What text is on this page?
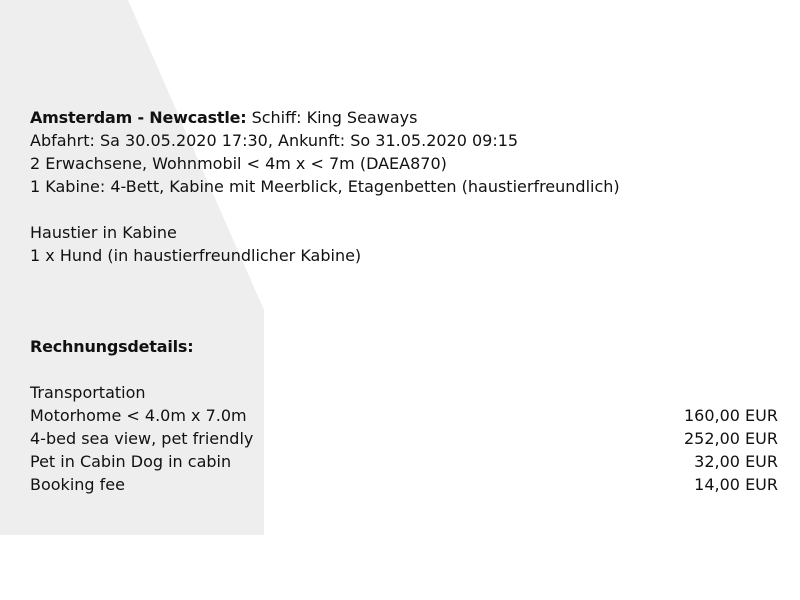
Amsterdam - Newcastle: Schiff: King Seaways
Abfahrt: Sa 30.05.2020 17:30, Ankunft: So 31.05.2020 09:15
2 Erwachsene, Wohnmobil < 4m x < 7m (DAEA870)
1 Kabine: 4-Bett, Kabine mit Meerblick, Etagenbetten (haustierfreundlich)
Haustier in Kabine
1 x Hund (in haustierfreundlicher Kabine)
Rechnungsdetails:
Transportation
Motorhome < 4.0m x 7.0m	160,00 EUR
4-bed sea view, pet friendly	252,00 EUR
Pet in Cabin Dog in cabin	32,00 EUR
Booking fee	14,00 EUR
